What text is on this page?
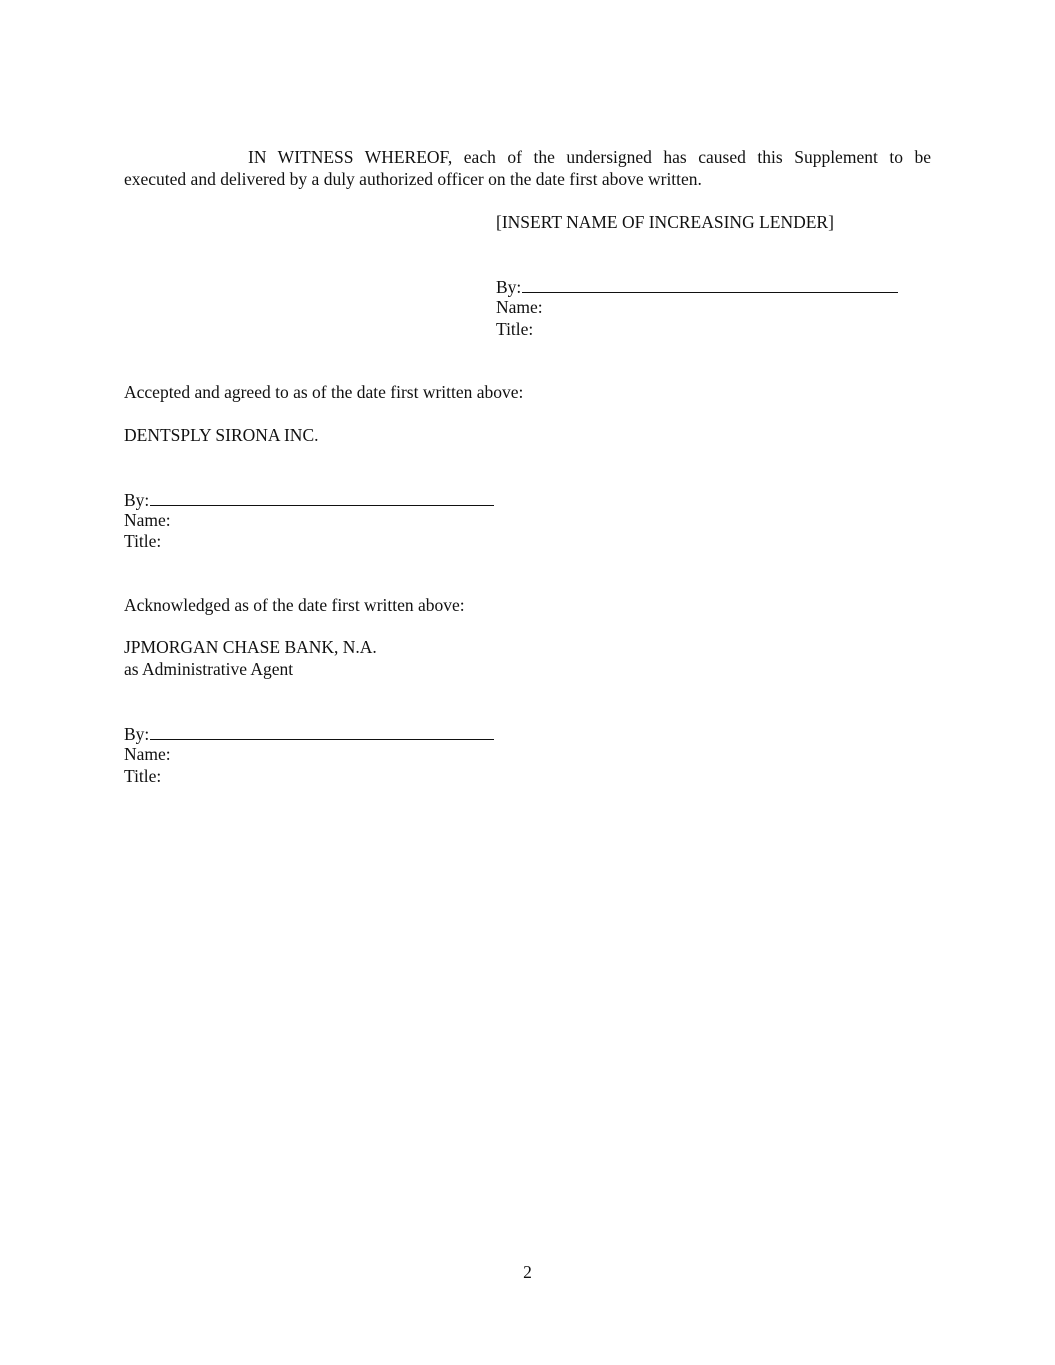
IN WITNESS WHEREOF, each of the undersigned has caused this Supplement to be
executed and delivered by a duly authorized officer on the date first above written.
[INSERT NAME OF INCREASING LENDER]
By:
Name:
Title:
Accepted and agreed to as of the date first written above:
DENTSPLY SIRONA INC.
By:
Name:
Title:
Acknowledged as of the date first written above:
JPMORGAN CHASE BANK, N.A.
as Administrative Agent
By:
Name:
Title:
2
